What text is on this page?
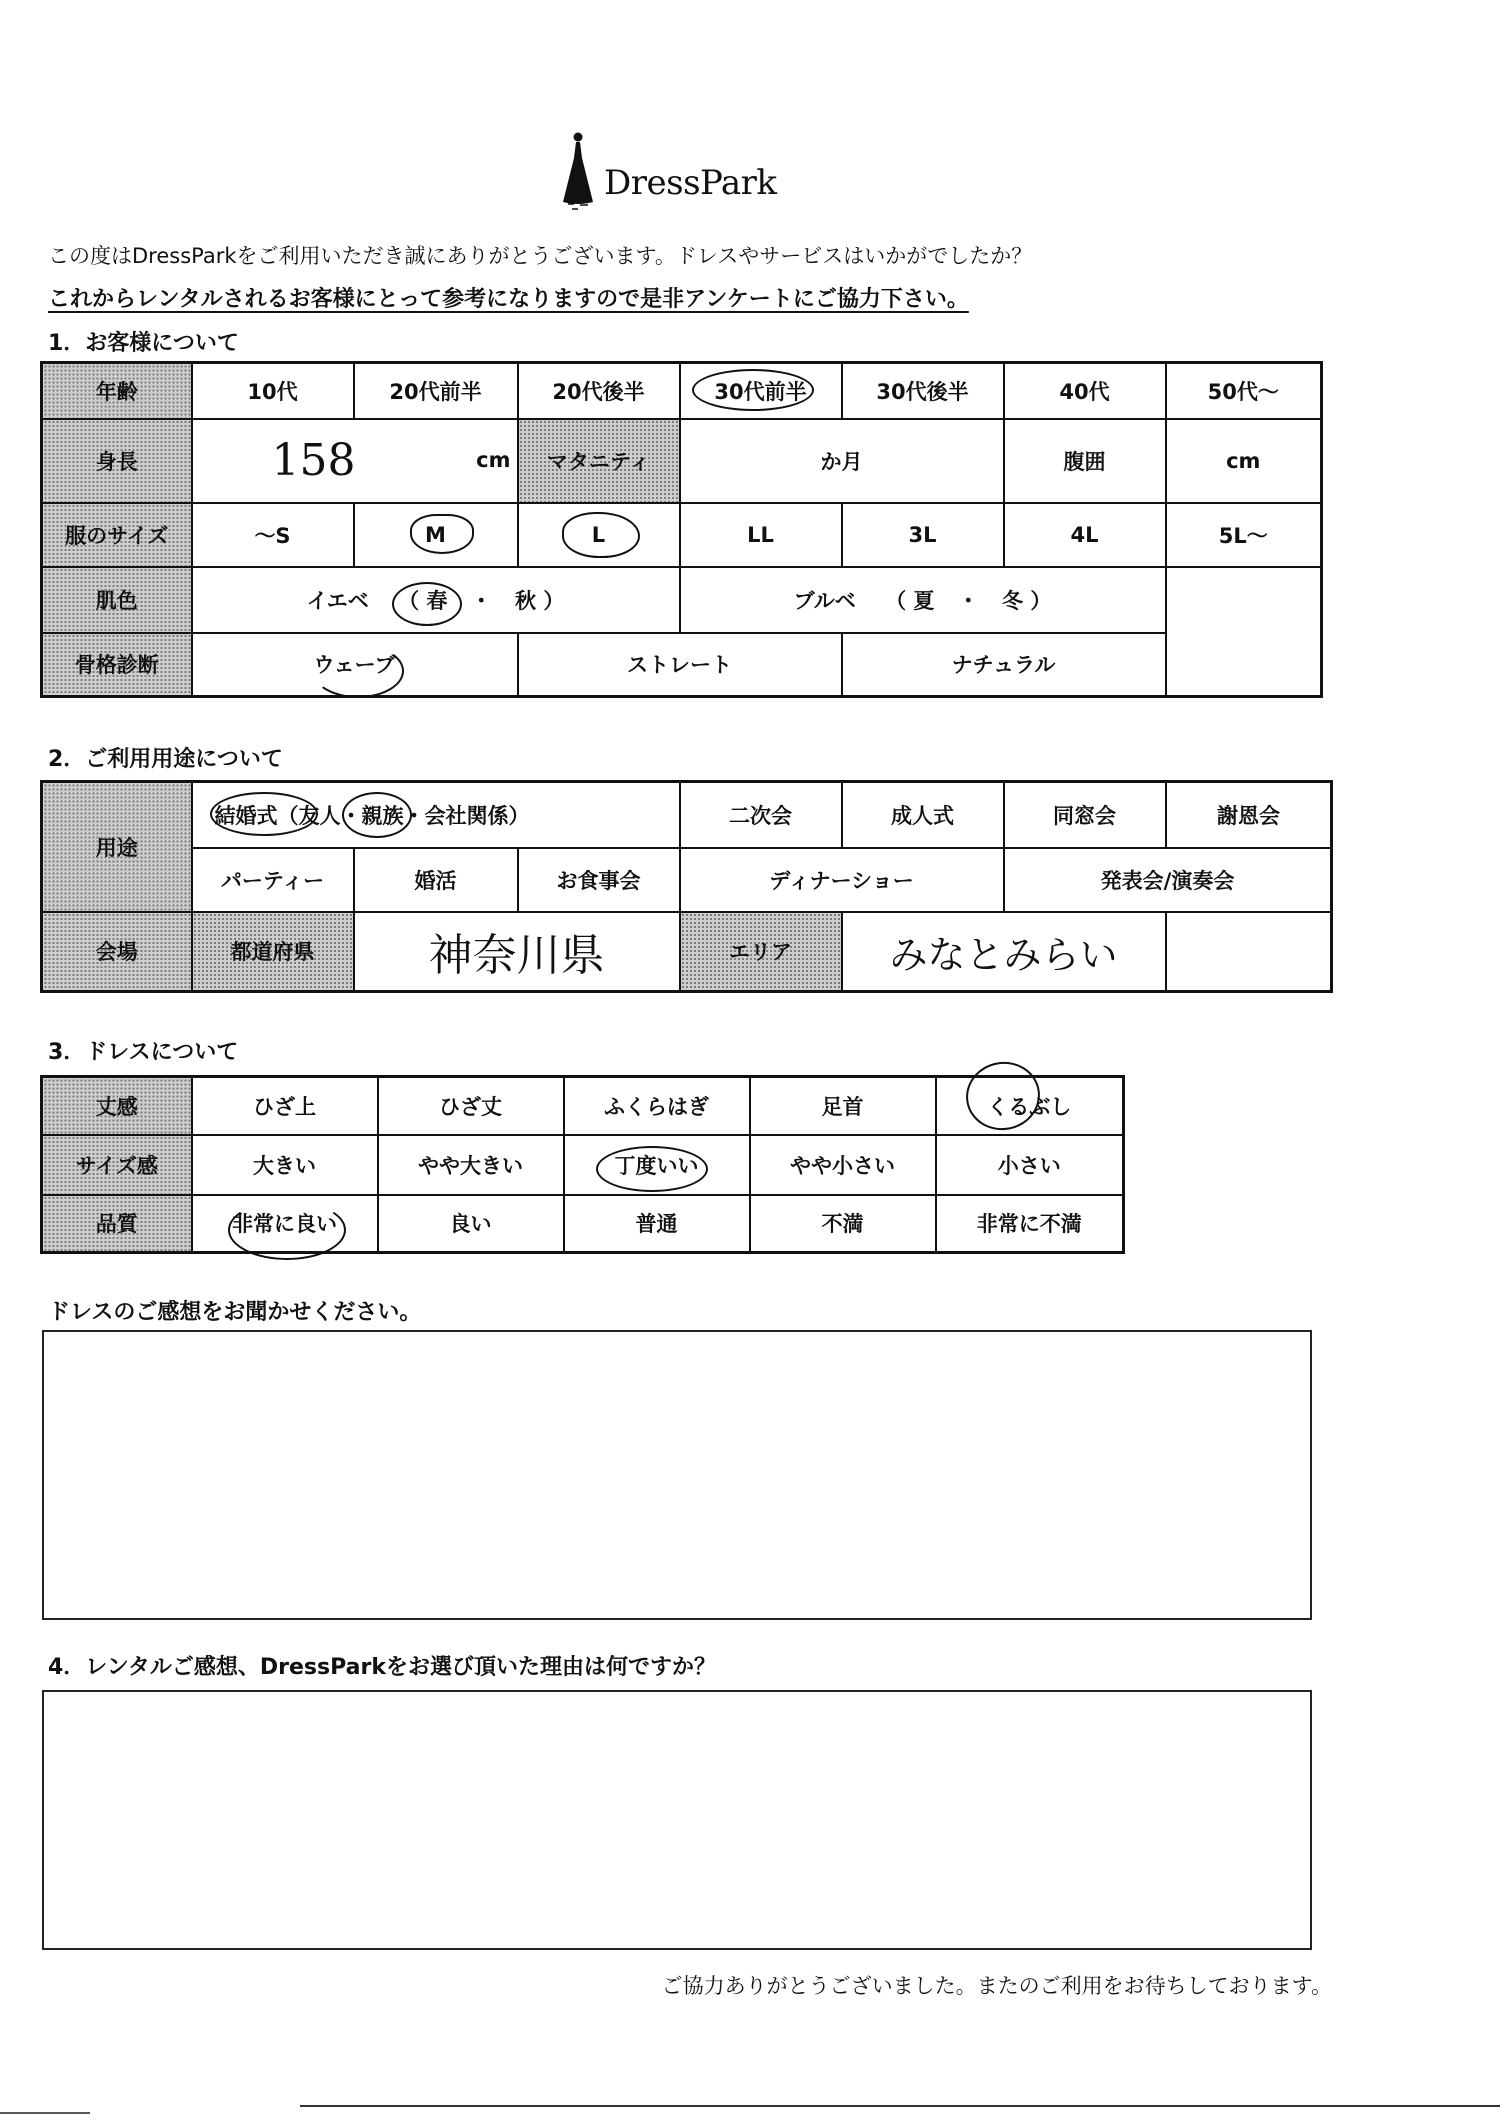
DressPark
この度はDressParkをご利用いただき誠にありがとうございます。ドレスやサービスはいかがでしたか？
これからレンタルされるお客様にとって参考になりますので是非アンケートにご協力下さい。
1．お客様について
年齢	10代	20代前半	20代後半	30代前半	30代後半	40代	50代～
身長	158 cm		マタニティ	か月		腹囲	cm
服のサイズ	～S	M	L	LL	3L	4L	5L～
肌色	イエベ （ 春 ・ 秋 ）			ブルベ （ 夏 ・ 冬 ）			
骨格診断	ウェーブ		ストレート		ナチュラル		
2．ご利用用途について
用途	結婚式（友人・親族・会社関係）			二次会	成人式	同窓会	謝恩会	
	パーティー	婚活	お食事会	ディナーショー		発表会/演奏会		
会場	都道府県	神奈川県		エリア	みなとみらい			
3．ドレスについて
丈感	ひざ上	ひざ丈	ふくらはぎ	足首	くるぶし
サイズ感	大きい	やや大きい	丁度いい	やや小さい	小さい
品質	非常に良い	良い	普通	不満	非常に不満
ドレスのご感想をお聞かせください。
4．レンタルご感想、DressParkをお選び頂いた理由は何ですか？
ご協力ありがとうございました。またのご利用をお待ちしております。
